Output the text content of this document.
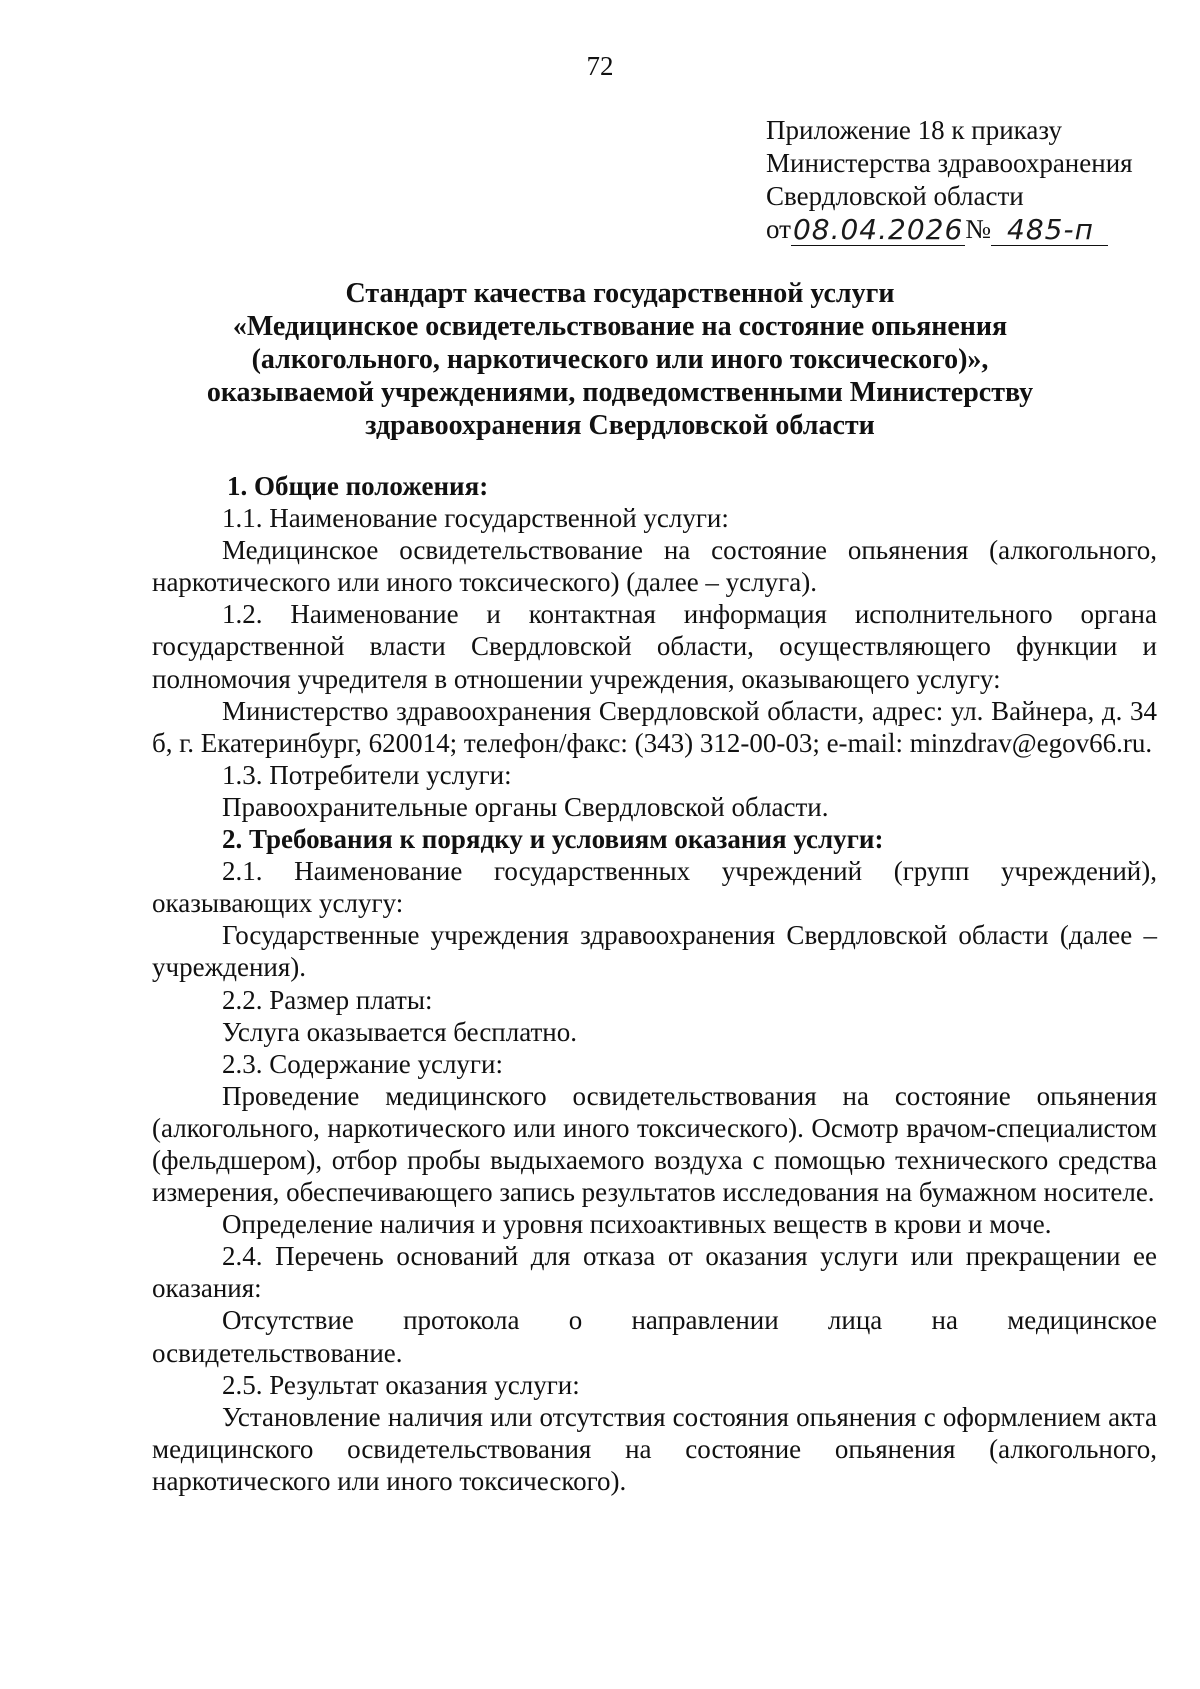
72
Приложение 18 к приказу
Министерства здравоохранения
Свердловской области
от 08.04.2026 № 485-п
Стандарт качества государственной услуги
«Медицинское освидетельствование на состояние опьянения
(алкогольного, наркотического или иного токсического)»,
оказываемой учреждениями, подведомственными Министерству
здравоохранения Свердловской области
1. Общие положения:
1.1. Наименование государственной услуги:
Медицинское освидетельствование на состояние опьянения (алкогольного, наркотического или иного токсического) (далее – услуга).
1.2. Наименование и контактная информация исполнительного органа государственной власти Свердловской области, осуществляющего функции и полномочия учредителя в отношении учреждения, оказывающего услугу:
Министерство здравоохранения Свердловской области, адрес: ул. Вайнера, д. 34 б, г. Екатеринбург, 620014; телефон/факс: (343) 312-00-03; e-mail: minzdrav@egov66.ru.
1.3. Потребители услуги:
Правоохранительные органы Свердловской области.
2. Требования к порядку и условиям оказания услуги:
2.1. Наименование государственных учреждений (групп учреждений), оказывающих услугу:
Государственные учреждения здравоохранения Свердловской области (далее – учреждения).
2.2. Размер платы:
Услуга оказывается бесплатно.
2.3. Содержание услуги:
Проведение медицинского освидетельствования на состояние опьянения (алкогольного, наркотического или иного токсического). Осмотр врачом-специалистом (фельдшером), отбор пробы выдыхаемого воздуха с помощью технического средства измерения, обеспечивающего запись результатов исследования на бумажном носителе.
Определение наличия и уровня психоактивных веществ в крови и моче.
2.4. Перечень оснований для отказа от оказания услуги или прекращении ее оказания:
Отсутствие протокола о направлении лица на медицинское освидетельствование.
2.5. Результат оказания услуги:
Установление наличия или отсутствия состояния опьянения с оформлением акта медицинского освидетельствования на состояние опьянения (алкогольного, наркотического или иного токсического).
